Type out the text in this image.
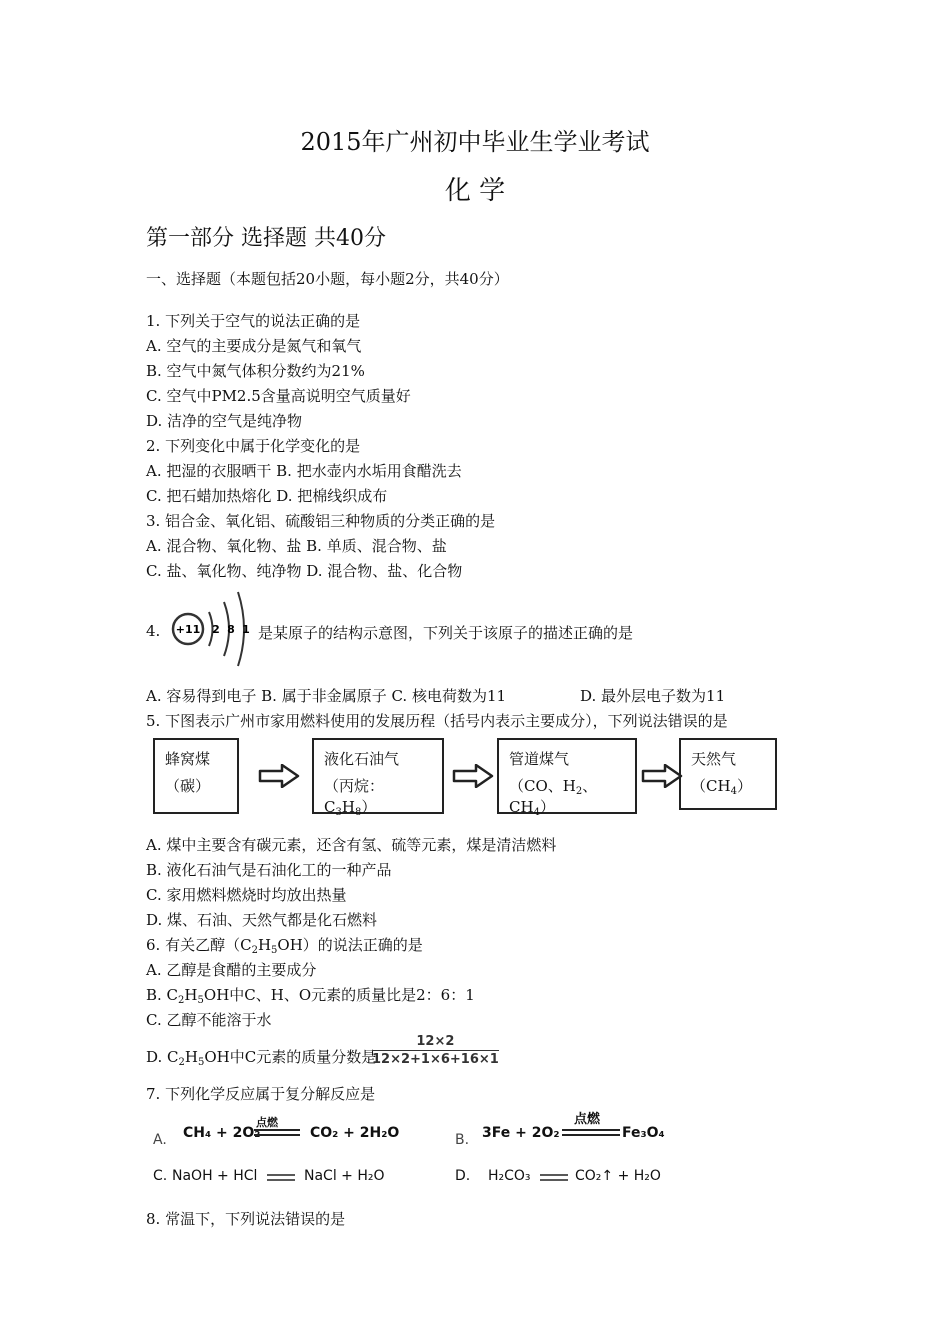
2015年广州初中毕业生学业考试
化 学
第一部分 选择题 共40分
一、选择题（本题包括20小题，每小题2分，共40分）
1. 下列关于空气的说法正确的是
A. 空气的主要成分是氮气和氧气
B. 空气中氮气体积分数约为21%
C. 空气中PM2.5含量高说明空气质量好
D. 洁净的空气是纯净物
2. 下列变化中属于化学变化的是
A. 把湿的衣服晒干 B. 把水壶内水垢用食醋洗去
C. 把石蜡加热熔化 D. 把棉线织成布
3. 铝合金、氧化铝、硫酸铝三种物质的分类正确的是
A. 混合物、氧化物、盐 B. 单质、混合物、盐
C. 盐、氧化物、纯净物 D. 混合物、盐、化合物
4. +11 2 8 1 是某原子的结构示意图，下列关于该原子的描述正确的是
A. 容易得到电子 B. 属于非金属原子 C. 核电荷数为11	D. 最外层电子数为11
5. 下图表示广州市家用燃料使用的发展历程（括号内表示主要成分），下列说法错误的是
蜂窝煤
（碳）
液化石油气
（丙烷：$C_3H_8$）
管道煤气
（CO、$H_2$、$CH_4$）
天然气
$(CH_4)$
A. 煤中主要含有碳元素，还含有氢、硫等元素，煤是清洁燃料
B. 液化石油气是石油化工的一种产品
C. 家用燃料燃烧时均放出热量
D. 煤、石油、天然气都是化石燃料
6. 有关乙醇$(C_2H_5OH)$的说法正确的是
A. 乙醇是食醋的主要成分
B. $C_2H_5OH$中C、H、O元素的质量比是2：6：1
C. 乙醇不能溶于水
D. $C_2H_5OH$中C元素的质量分数是
$\frac{12\times 2}{12\times 2+1\times 6+16\times 1}$
7. 下列化学反应属于复分解反应是
A. CH₄ + 2O₂
点燃
CO₂ + 2H₂O	B. 3Fe + 2O₂
点燃
Fe₃O₄
C. NaOH + HCl	NaCl + H₂O	D. H₂CO₃	CO₂↑ + H₂O
8. 常温下，下列说法错误的是
